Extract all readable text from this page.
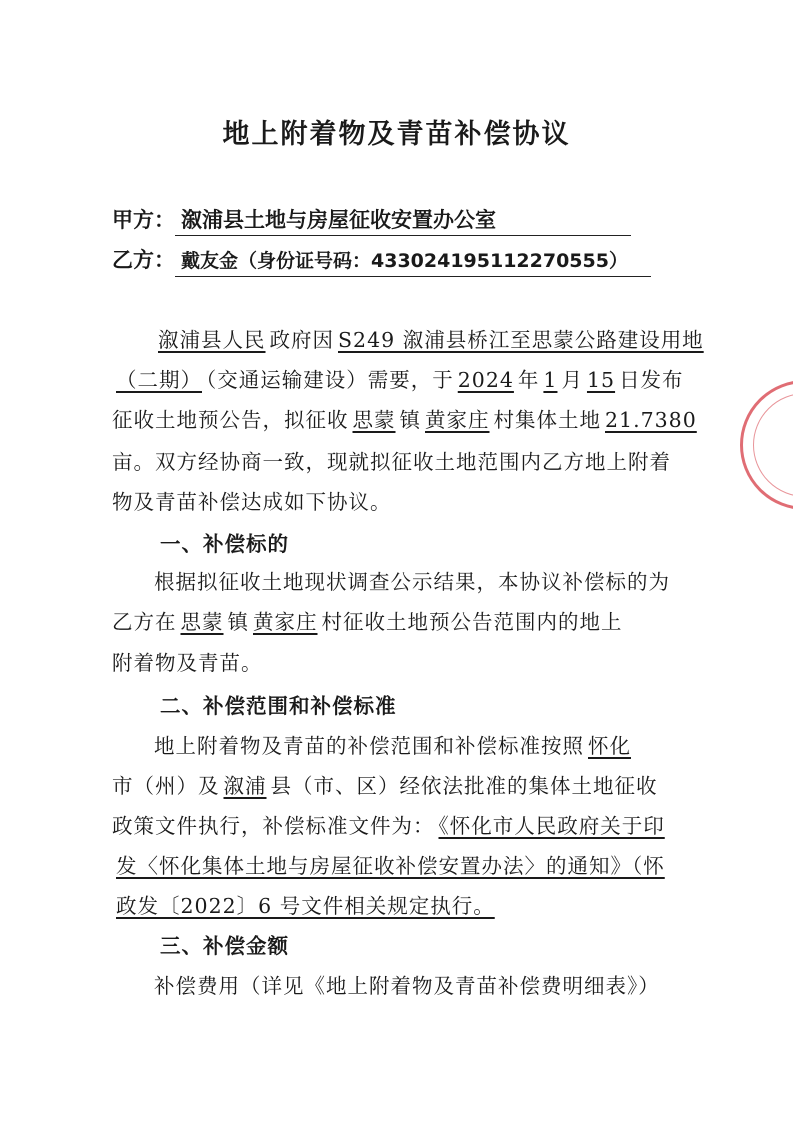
地上附着物及青苗补偿协议
甲方： 溆浦县土地与房屋征收安置办公室
乙方： 戴友金（身份证号码：433024195112270555）
溆浦县人民 政府因 S249 溆浦县桥江至思蒙公路建设用地
（二期） （交通运输建设）需要，于 2024 年 1 月 15 日发布
征收土地预公告，拟征收 思蒙 镇 黄家庄 村集体土地 21.7380
亩。双方经协商一致，现就拟征收土地范围内乙方地上附着
物及青苗补偿达成如下协议。
一、补偿标的
根据拟征收土地现状调查公示结果，本协议补偿标的为
乙方在 思蒙 镇 黄家庄 村征收土地预公告范围内的地上
附着物及青苗。
二、补偿范围和补偿标准
地上附着物及青苗的补偿范围和补偿标准按照 怀化
市（州）及 溆浦 县（市、区）经依法批准的集体土地征收
政策文件执行，补偿标准文件为： 《怀化市人民政府关于印
发〈怀化集体土地与房屋征收补偿安置办法〉的通知》（怀
政发〔2022〕6 号文件相关规定执行。
三、补偿金额
补偿费用（详见《地上附着物及青苗补偿费明细表》）
